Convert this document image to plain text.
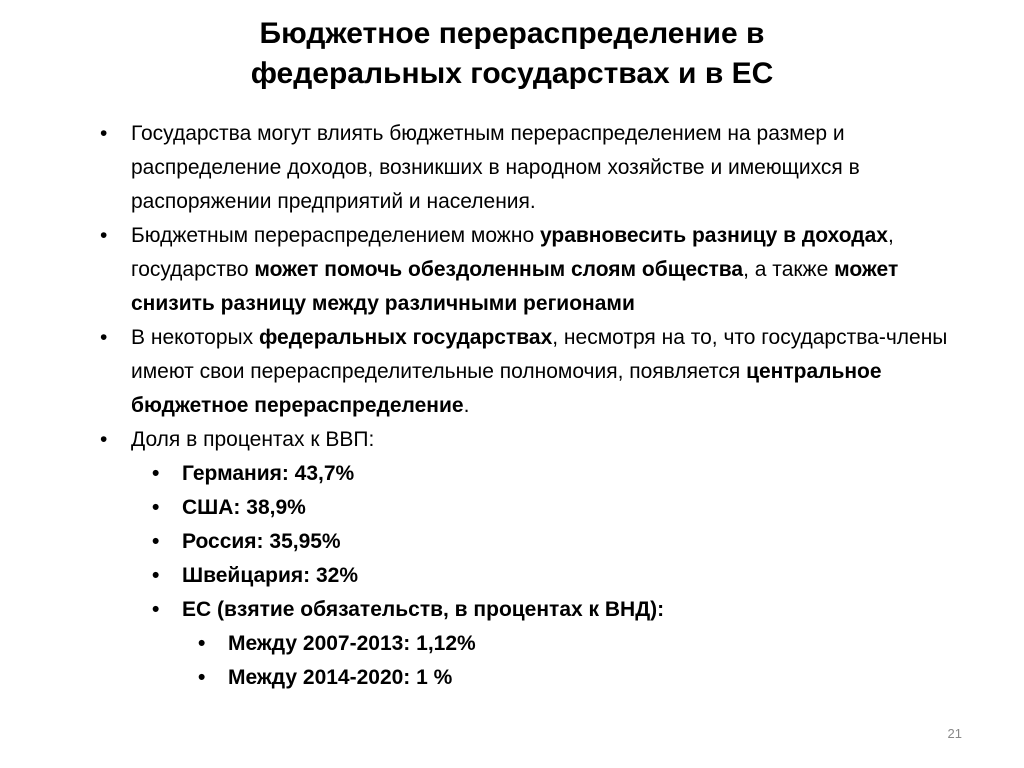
Бюджетное перераспределение в
федеральных государствах и в ЕС

• Государства могут влиять бюджетным перераспределением на размер и распределение доходов, возникших в народном хозяйстве и имеющихся в распоряжении предприятий и населения.

• Бюджетным перераспределением можно уравновесить разницу в доходах, государство может помочь обездоленным слоям общества, а также может снизить разницу между различными регионами

• В некоторых федеральных государствах, несмотря на то, что государства-члены имеют свои перераспределительные полномочия, появляется центральное бюджетное перераспределение.

• Доля в процентах к ВВП:

• Германия: 43,7%

• США: 38,9%

• Россия: 35,95%

• Швейцария: 32%

• ЕС (взятие обязательств, в процентах к ВНД):

• Между 2007-2013: 1,12%

• Между 2014-2020: 1 %

21
